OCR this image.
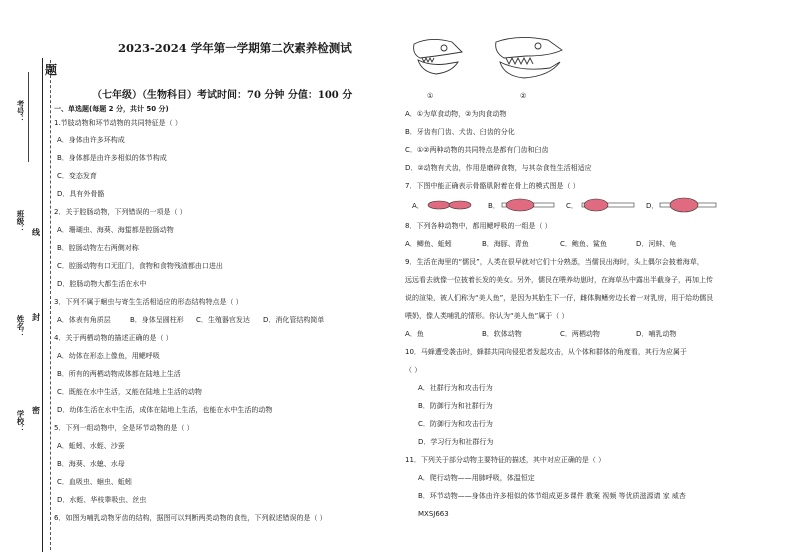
考号：
班级：
姓名：
学校：
线
封
密
2023-2024 学年第一学期第二次素养检测试
题
（七年级）（生物科目）考试时间：70 分钟 分值：100 分
一、单选题(每题 2 分，共计 50 分)
1.节肢动物和环节动物的共同特征是（ ）
A．身体由许多环构成
B．身体都是由许多相似的体节构成
C．变态发育
D．具有外骨骼
2．关于腔肠动物，下列错误的一项是（ ）
A．珊瑚虫、海葵、海蜇都是腔肠动物
B．腔肠动物左右两侧对称
C．腔肠动物有口无肛门，食物和食物残渣都由口进出
D．腔肠动物大都生活在水中
3．下列不属于蛔虫与寄生生活相适应的形态结构特点是（ ）
A．体表有角质层	B．身体呈圆柱形 C．生殖器官发达 D．消化管结构简单
4．关于两栖动物的描述正确的是（ ）
A．幼体在形态上像鱼，用鳃呼吸
B．所有的两栖动物成体都在陆地上生活
C．既能在水中生活，又能在陆地上生活的动物
D．幼体生活在水中生活，成体在陆地上生活，也能在水中生活的动物
5．下列一组动物中，全是环节动物的是（ ）
A．蚯蚓、水蛭、沙蚕
B．海葵、水螅、水母
C．血吸虫、蛔虫、蚯蚓
D．水蛭、华枝睾吸虫、丝虫
6．如图为哺乳动物牙齿的结构，据图可以判断两类动物的食性，下列叙述错误的是（ ）
①	②
A．①为草食动物，②为肉食动物
B．牙齿有门齿、犬齿、臼齿的分化
C．①②两种动物的共同特点是都有门齿和臼齿
D．②动物有犬齿，作用是磨碎食物，与其杂食性生活相适应
7．下图中能正确表示骨骼肌附着在骨上的模式图是（ ）
A．	B．	C．	D．
8．下列各种动物中，都用鳃呼吸的一组是（ ）
A．鲫鱼、蚯蚓	B．海豚、青鱼	C．鲍鱼、鲨鱼	D．河蚌、龟
9．生活在海里的“儒艮”，人类在很早就对它们十分熟悉，当儒艮出海时，头上偶尔会披着海草，
远远看去就像一位披着长发的美女。另外，儒艮在喂养幼崽时，在海草丛中露出半截身子，再加上传
说的渲染，被人们称为“美人鱼”，是因为其胎生下一仔，雌体胸鳍旁边长着一对乳房，用于给幼儒艮
喂奶，像人类哺乳的情形。你认为“美人鱼”属于（ ）
A．鱼	B．软体动物	C．两栖动物	D．哺乳动物
10．马蜂遭受袭击时，蜂群共同向侵犯者发起攻击，从个体和群体的角度看，其行为应属于
（ ）
A．社群行为和攻击行为
B．防御行为和社群行为
C．防御行为和攻击行为
D．学习行为和社群行为
11．下列关于部分动物主要特征的描述，其中对应正确的是（ ）
A．爬行动物——用肺呼吸，体温恒定
B．环节动物——身体由许多相似的体节组成更多课件 教案 视频 等优质滋源请 家 威杏
MXSJ663
